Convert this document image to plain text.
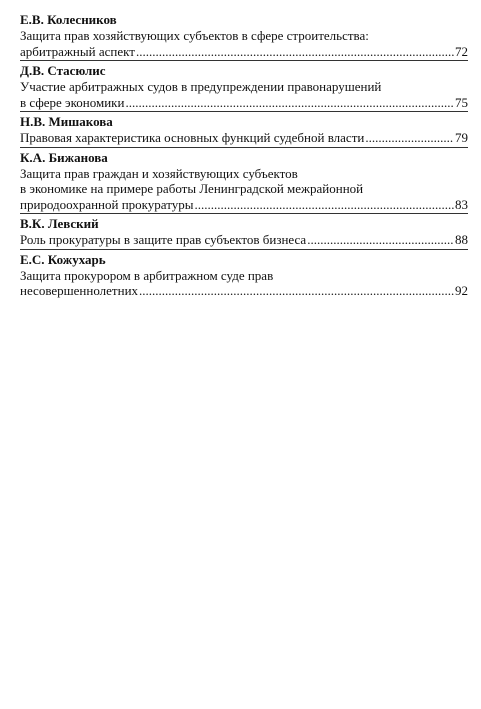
Е.В. Колесников
Защита прав хозяйствующих субъектов в сфере строительства:
арбитражный аспект .....	72
Д.В. Стасюлис
Участие арбитражных судов в предупреждении правонарушений
в сфере экономики .....	75
Н.В. Мишакова
Правовая характеристика основных функций судебной власти .....	79
К.А. Бижанова
Защита прав граждан и хозяйствующих субъектов
в экономике на примере работы Ленинградской межрайонной
природоохранной прокуратуры .....	83
В.К. Левский
Роль прокуратуры в защите прав субъектов бизнеса .....	88
Е.С. Кожухарь
Защита прокурором в арбитражном суде прав
несовершеннолетних .....	92
